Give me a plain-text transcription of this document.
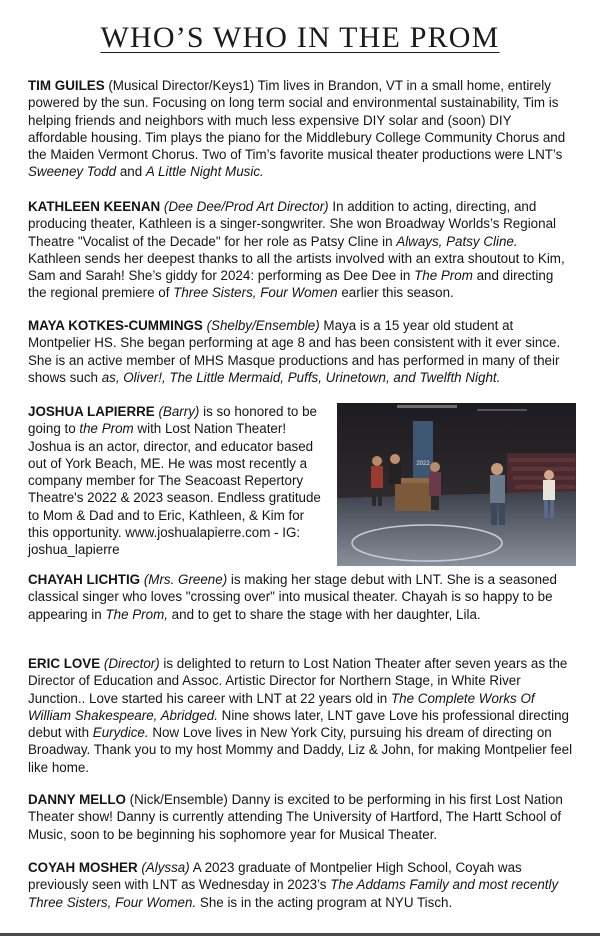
WHO’S WHO IN THE PROM

TIM GUILES (Musical Director/Keys1) Tim lives in Brandon, VT in a small home, entirely powered by the sun. Focusing on long term social and environmental sustainability, Tim is helping friends and neighbors with much less expensive DIY solar and (soon) DIY affordable housing. Tim plays the piano for the Middlebury College Community Chorus and the Maiden Vermont Chorus. Two of Tim’s favorite musical theater productions were LNT’s Sweeney Todd and A Little Night Music.

KATHLEEN KEENAN (Dee Dee/Prod Art Director) In addition to acting, directing, and producing theater, Kathleen is a singer-songwriter. She won Broadway Worlds’s Regional Theatre "Vocalist of the Decade" for her role as Patsy Cline in Always, Patsy Cline. Kathleen sends her deepest thanks to all the artists involved with an extra shoutout to Kim, Sam and Sarah! She’s giddy for 2024: performing as Dee Dee in The Prom and directing the regional premiere of Three Sisters, Four Women earlier this season.

MAYA KOTKES-CUMMINGS (Shelby/Ensemble) Maya is a 15 year old student at Montpelier HS. She began performing at age 8 and has been consistent with it ever since. She is an active member of MHS Masque productions and has performed in many of their shows such as, Oliver!, The Little Mermaid, Puffs, Urinetown, and Twelfth Night.

JOSHUA LAPIERRE (Barry) is so honored to be going to the Prom with Lost Nation Theater! Joshua is an actor, director, and educator based out of York Beach, ME. He was most recently a company member for The Seacoast Repertory Theatre's 2022 & 2023 season. Endless gratitude to Mom & Dad and to Eric, Kathleen, & Kim for this opportunity. www.joshualapierre.com - IG: joshua_lapierre

CHAYAH LICHTIG (Mrs. Greene) is making her stage debut with LNT. She is a seasoned classical singer who loves "crossing over" into musical theater. Chayah is so happy to be appearing in The Prom, and to get to share the stage with her daughter, Lila.

ERIC LOVE (Director) is delighted to return to Lost Nation Theater after seven years as the Director of Education and Assoc. Artistic Director for Northern Stage, in White River Junction.. Love started his career with LNT at 22 years old in The Complete Works Of William Shakespeare, Abridged. Nine shows later, LNT gave Love his professional directing debut with Eurydice. Now Love lives in New York City, pursuing his dream of directing on Broadway. Thank you to my host Mommy and Daddy, Liz & John, for making Montpelier feel like home.

DANNY MELLO (Nick/Ensemble) Danny is excited to be performing in his first Lost Nation Theater show! Danny is currently attending The University of Hartford, The Hartt School of Music, soon to be beginning his sophomore year for Musical Theater.

COYAH MOSHER (Alyssa) A 2023 graduate of Montpelier High School, Coyah was previously seen with LNT as Wednesday in 2023’s The Addams Family and most recently Three Sisters, Four Women. She is in the acting program at NYU Tisch.

2022
